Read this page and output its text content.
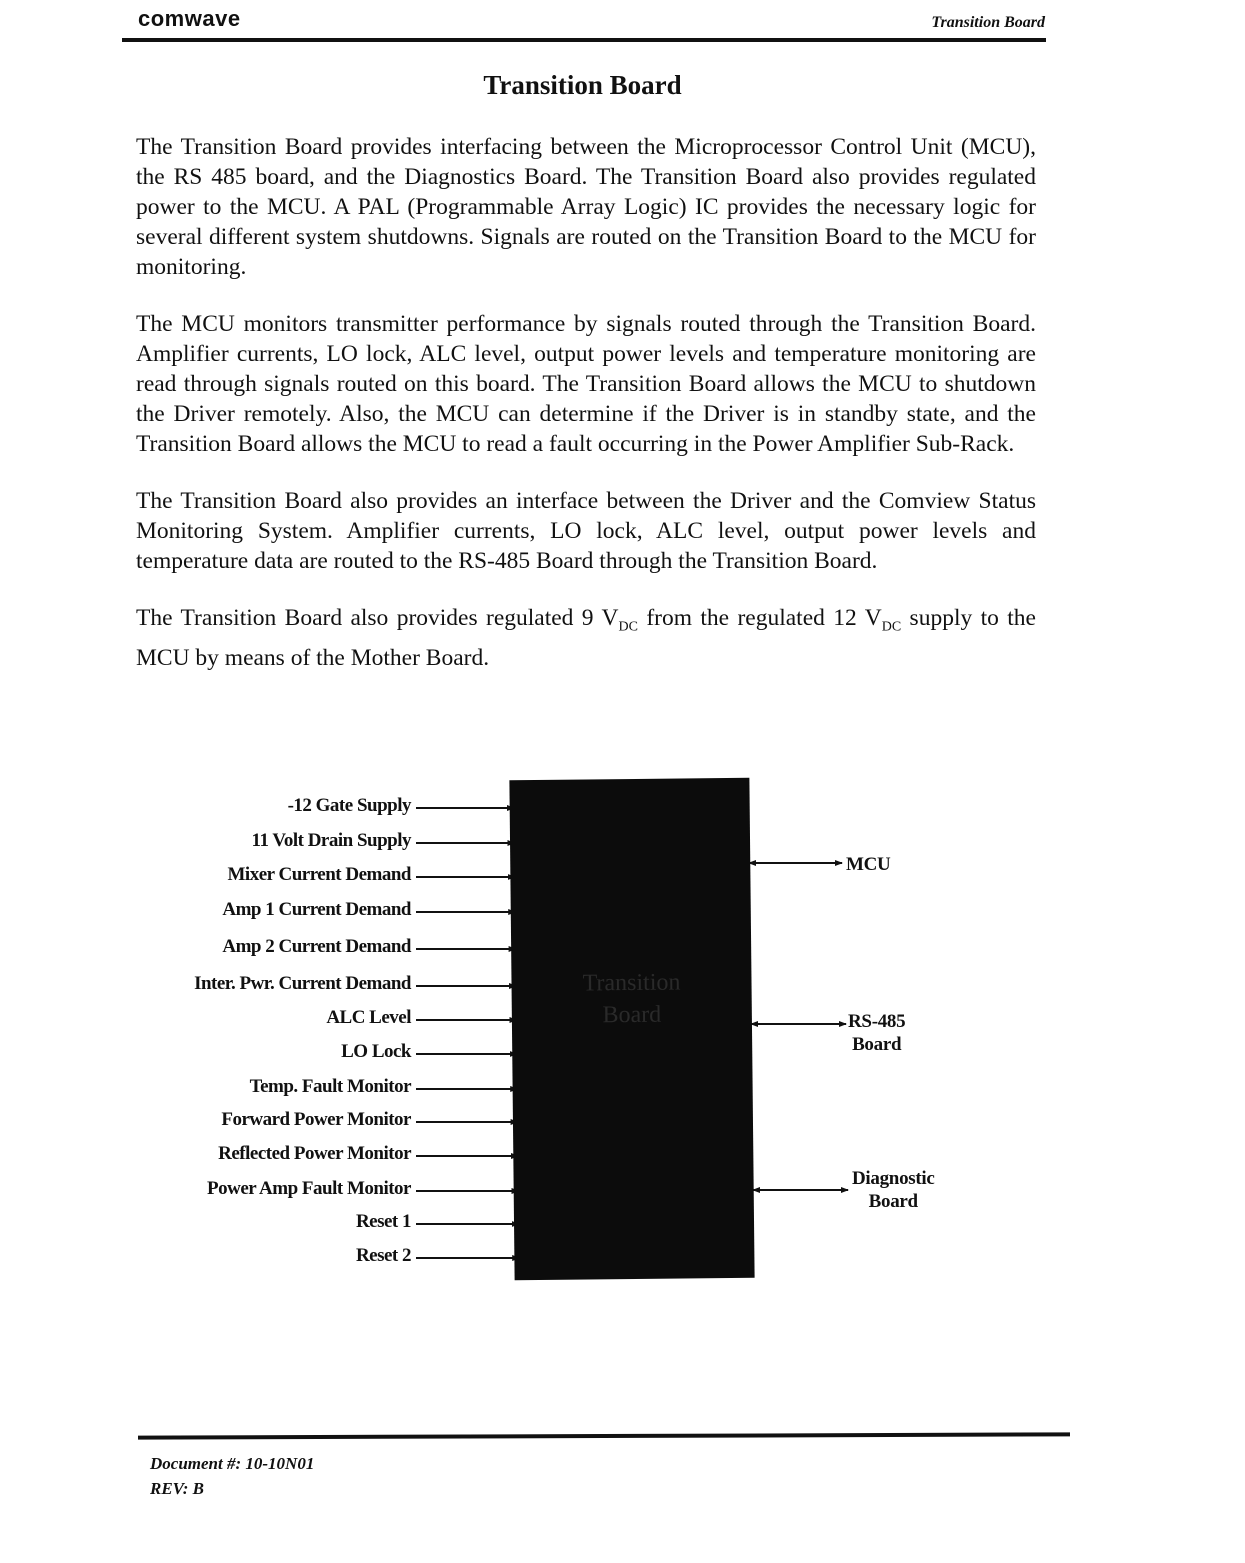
comwave	Transition Board
Transition Board

The Transition Board provides interfacing between the Microprocessor Control Unit (MCU), the RS 485 board, and the Diagnostics Board. The Transition Board also provides regulated power to the MCU. A PAL (Programmable Array Logic) IC provides the necessary logic for several different system shutdowns. Signals are routed on the Transition Board to the MCU for monitoring.

The MCU monitors transmitter performance by signals routed through the Transition Board. Amplifier currents, LO lock, ALC level, output power levels and temperature monitoring are read through signals routed on this board. The Transition Board allows the MCU to shutdown the Driver remotely. Also, the MCU can determine if the Driver is in standby state, and the Transition Board allows the MCU to read a fault occurring in the Power Amplifier Sub-Rack.

The Transition Board also provides an interface between the Driver and the Comview Status Monitoring System. Amplifier currents, LO lock, ALC level, output power levels and temperature data are routed to the RS-485 Board through the Transition Board.

The Transition Board also provides regulated 9 $V_{DC}$ from the regulated 12 $V_{DC}$ supply to the MCU by means of the Mother Board.

Transition
Board
-12 Gate Supply
11 Volt Drain Supply
Mixer Current Demand
Amp 1 Current Demand
Amp 2 Current Demand
Inter. Pwr. Current Demand
ALC Level
LO Lock
Temp. Fault Monitor
Forward Power Monitor
Reflected Power Monitor
Power Amp Fault Monitor
Reset 1
Reset 2
MCU
RS-485
Board
Diagnostic
Board
Document #: 10-10N01
REV: B
